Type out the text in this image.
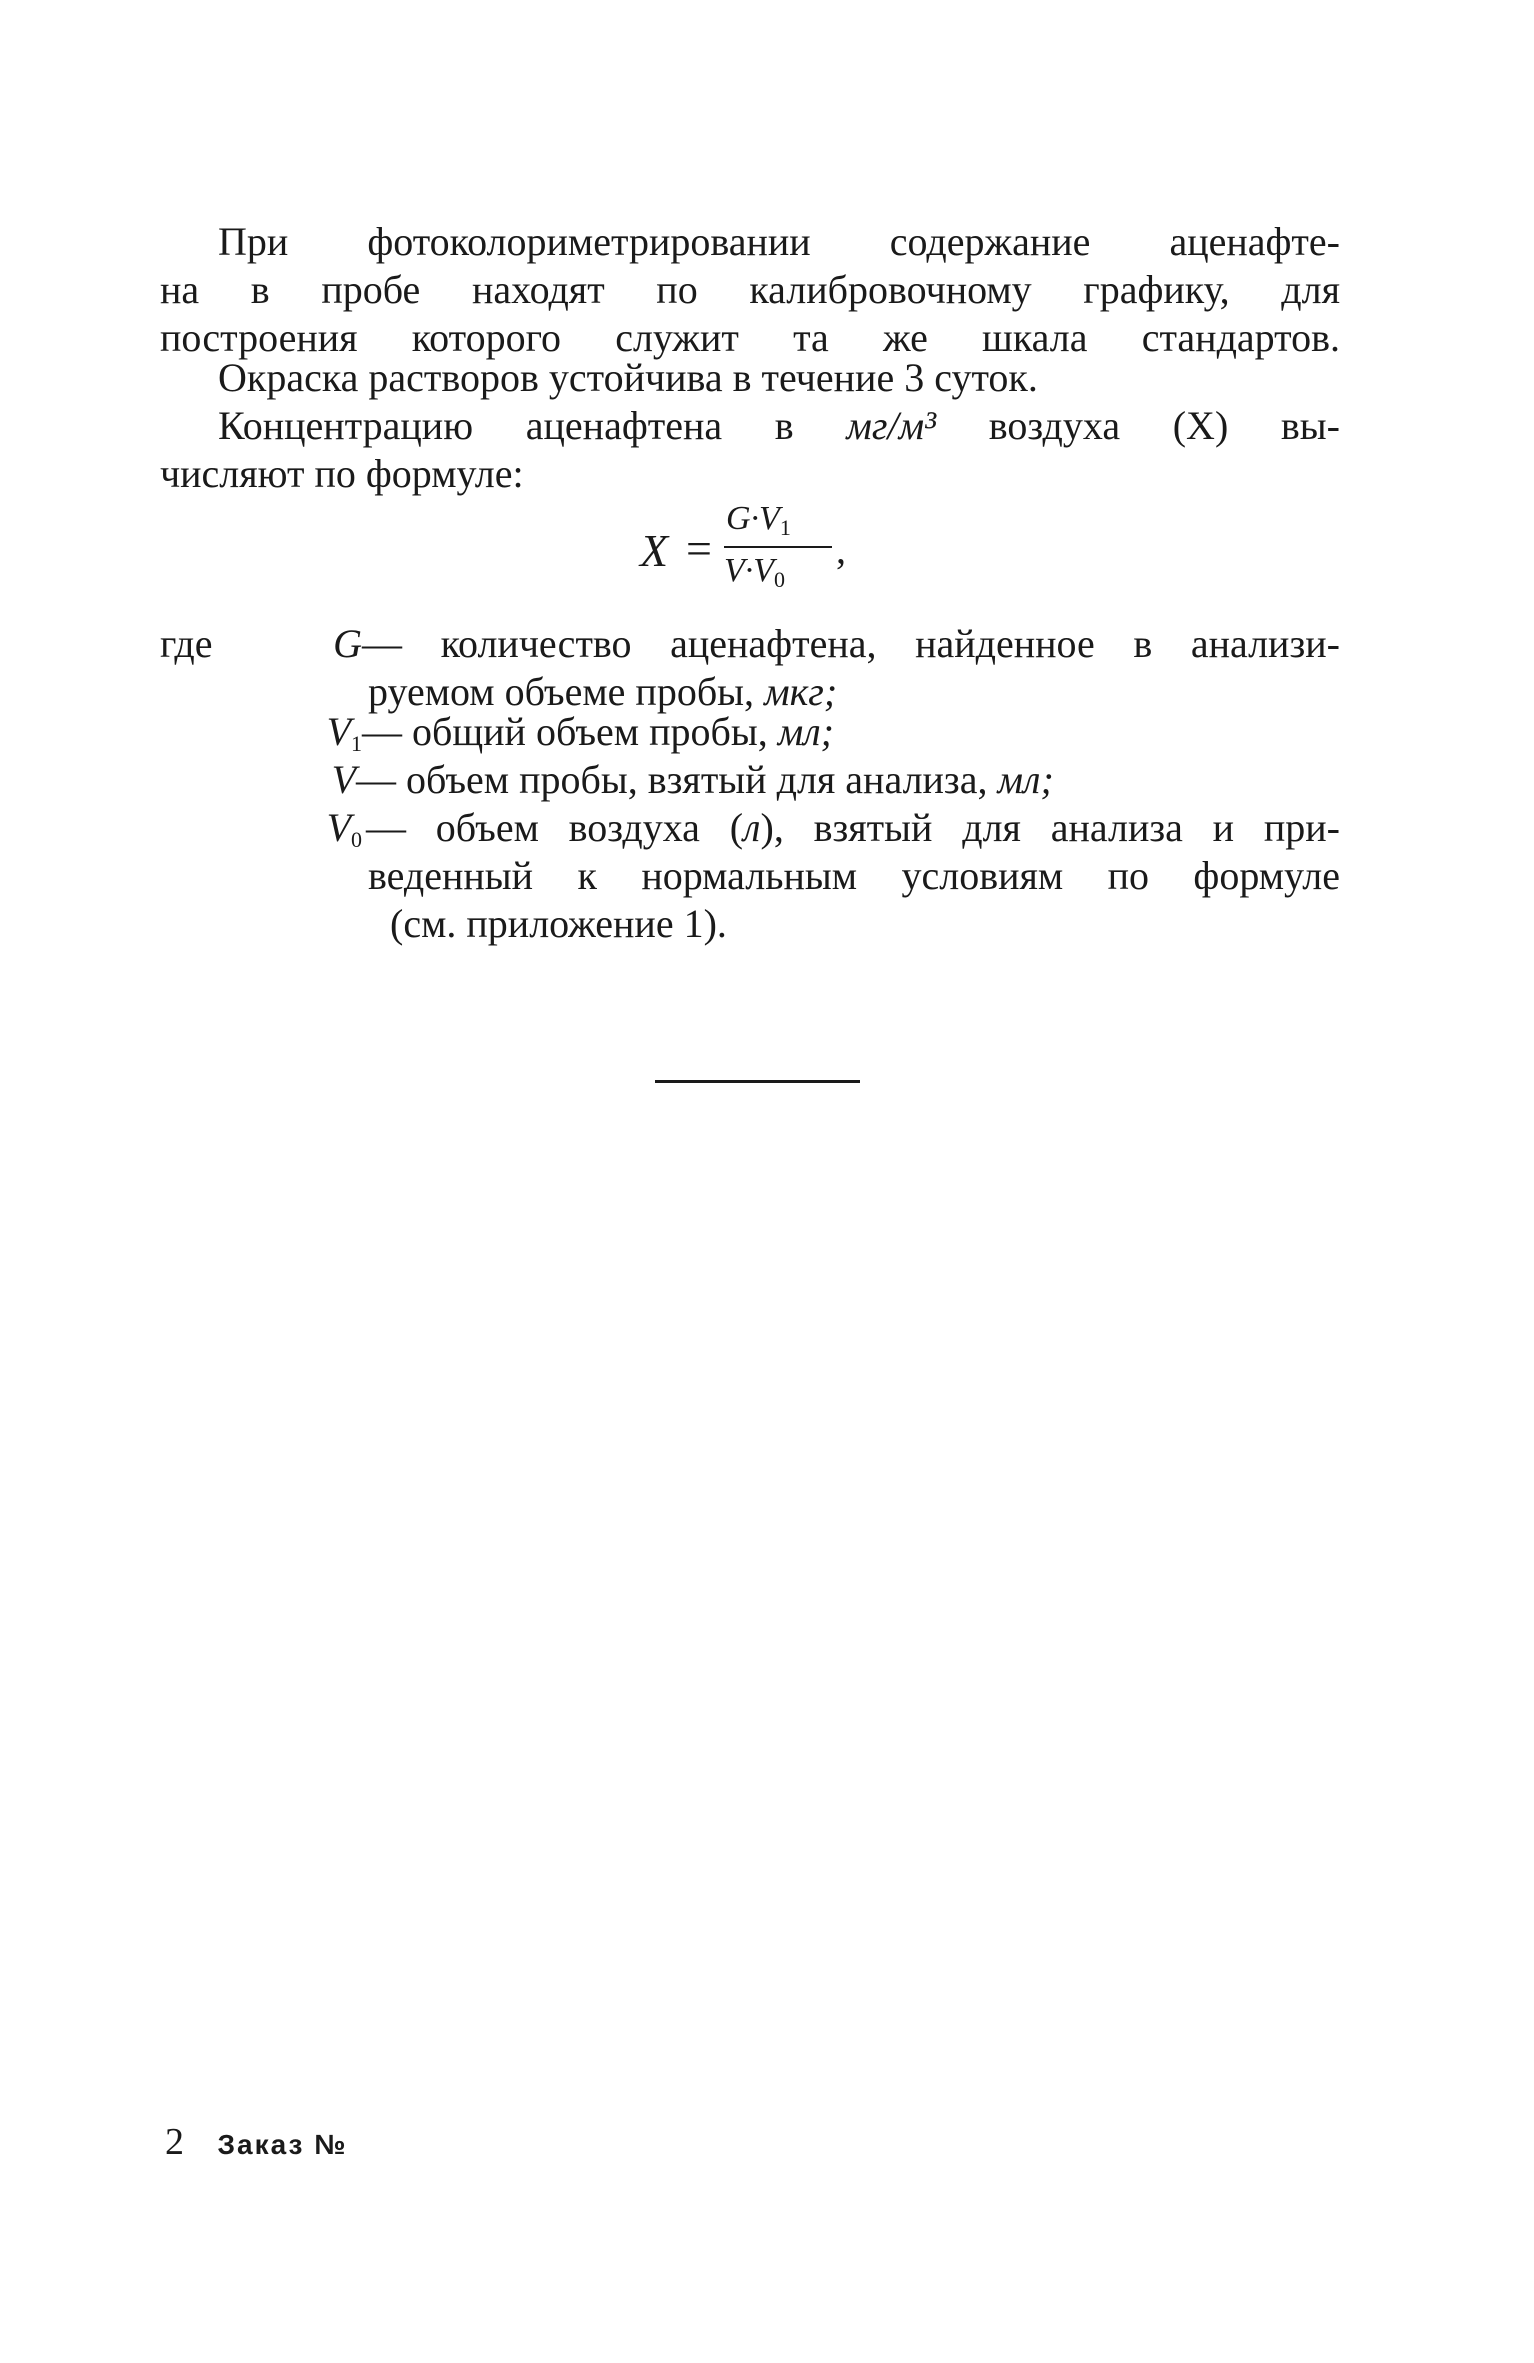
При фотоколориметрировании содержание аценафте-
на в пробе находят по калибровочному графику, для
построения которого служит та же шкала стандартов.
Окраска растворов устойчива в течение 3 суток.
Концентрацию аценафтена в мг/м³ воздуха (X) вы-
числяют по формуле:
X =
$G\cdot V_1$
$V\cdot V_0$
,
где	G — количество аценафтена, найденное в анализи-
руемом объеме пробы, мкг;
$V_1$ — общий объем пробы, мл;
V — объем пробы, взятый для анализа, мл;
$V_0$ — объем воздуха (л), взятый для анализа и при-
веденный к нормальным условиям по формуле
(см. приложение 1).
2 Заказ №
